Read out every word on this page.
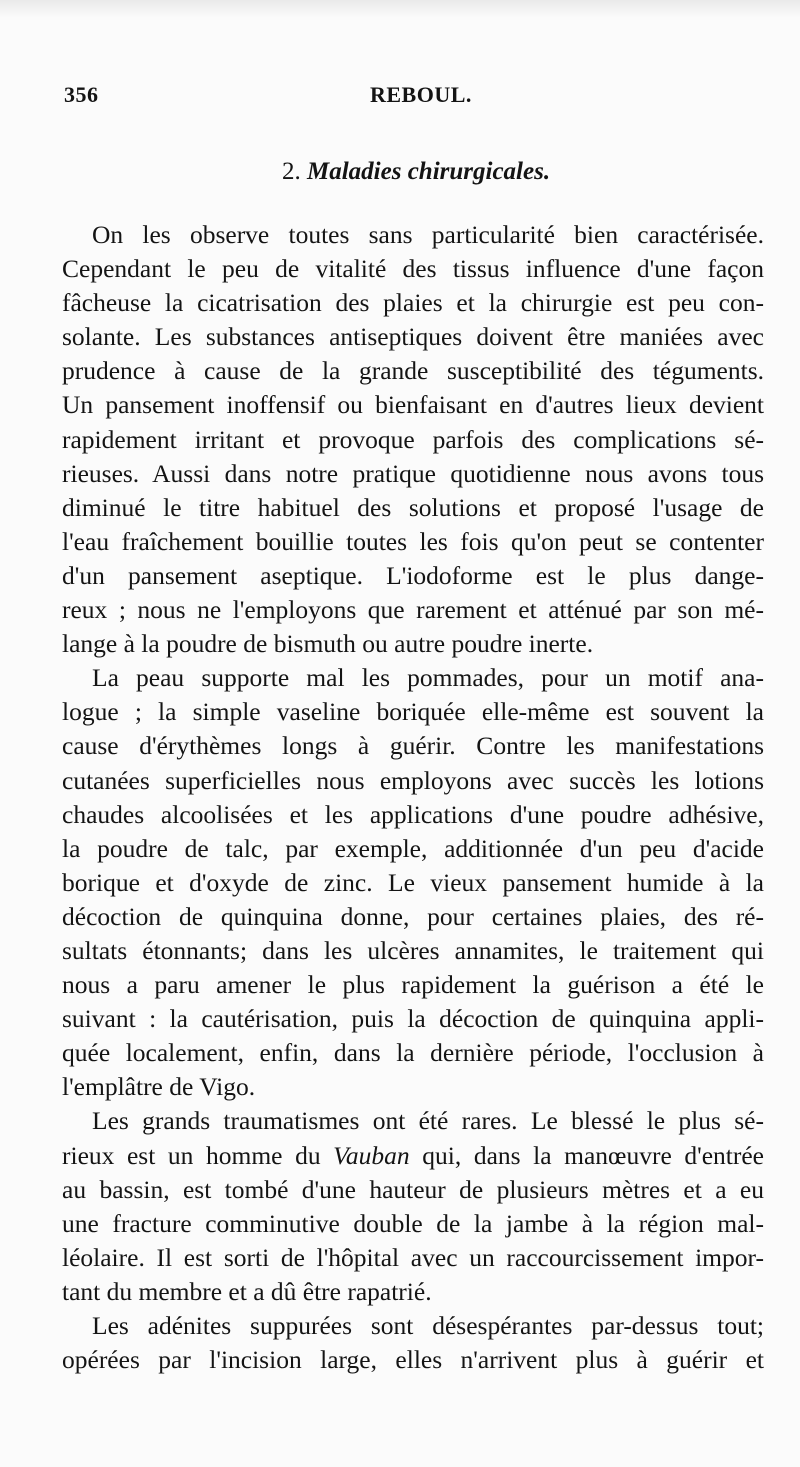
356	REBOUL.
2. Maladies chirurgicales.
On les observe toutes sans particularité bien caractérisée.
Cependant le peu de vitalité des tissus influence d'une façon
fâcheuse la cicatrisation des plaies et la chirurgie est peu con-
solante. Les substances antiseptiques doivent être maniées avec
prudence à cause de la grande susceptibilité des téguments.
Un pansement inoffensif ou bienfaisant en d'autres lieux devient
rapidement irritant et provoque parfois des complications sé-
rieuses. Aussi dans notre pratique quotidienne nous avons tous
diminué le titre habituel des solutions et proposé l'usage de
l'eau fraîchement bouillie toutes les fois qu'on peut se contenter
d'un pansement aseptique. L'iodoforme est le plus dange-
reux ; nous ne l'employons que rarement et atténué par son mé-
lange à la poudre de bismuth ou autre poudre inerte.
La peau supporte mal les pommades, pour un motif ana-
logue ; la simple vaseline boriquée elle-même est souvent la
cause d'érythèmes longs à guérir. Contre les manifestations
cutanées superficielles nous employons avec succès les lotions
chaudes alcoolisées et les applications d'une poudre adhésive,
la poudre de talc, par exemple, additionnée d'un peu d'acide
borique et d'oxyde de zinc. Le vieux pansement humide à la
décoction de quinquina donne, pour certaines plaies, des ré-
sultats étonnants; dans les ulcères annamites, le traitement qui
nous a paru amener le plus rapidement la guérison a été le
suivant : la cautérisation, puis la décoction de quinquina appli-
quée localement, enfin, dans la dernière période, l'occlusion à
l'emplâtre de Vigo.
Les grands traumatismes ont été rares. Le blessé le plus sé-
rieux est un homme du Vauban qui, dans la manœuvre d'entrée
au bassin, est tombé d'une hauteur de plusieurs mètres et a eu
une fracture comminutive double de la jambe à la région mal-
léolaire. Il est sorti de l'hôpital avec un raccourcissement impor-
tant du membre et a dû être rapatrié.
Les adénites suppurées sont désespérantes par-dessus tout;
opérées par l'incision large, elles n'arrivent plus à guérir et
